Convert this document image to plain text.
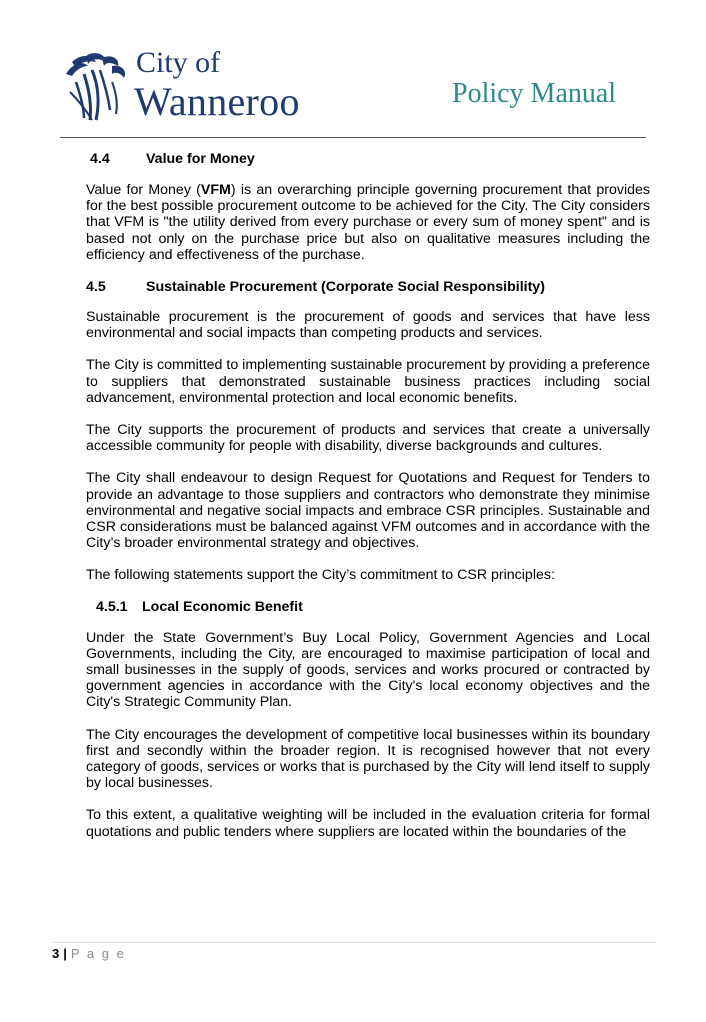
City of
Wanneroo	Policy Manual
4.4	Value for Money

Value for Money (VFM) is an overarching principle governing procurement that provides for the best possible procurement outcome to be achieved for the City. The City considers that VFM is "the utility derived from every purchase or every sum of money spent" and is based not only on the purchase price but also on qualitative measures including the efficiency and effectiveness of the purchase.

4.5	Sustainable Procurement (Corporate Social Responsibility)

Sustainable procurement is the procurement of goods and services that have less environmental and social impacts than competing products and services.

The City is committed to implementing sustainable procurement by providing a preference to suppliers that demonstrated sustainable business practices including social advancement, environmental protection and local economic benefits.

The City supports the procurement of products and services that create a universally accessible community for people with disability, diverse backgrounds and cultures.

The City shall endeavour to design Request for Quotations and Request for Tenders to provide an advantage to those suppliers and contractors who demonstrate they minimise environmental and negative social impacts and embrace CSR principles. Sustainable and CSR considerations must be balanced against VFM outcomes and in accordance with the City’s broader environmental strategy and objectives.

The following statements support the City’s commitment to CSR principles:

4.5.1	Local Economic Benefit

Under the State Government’s Buy Local Policy, Government Agencies and Local Governments, including the City, are encouraged to maximise participation of local and small businesses in the supply of goods, services and works procured or contracted by government agencies in accordance with the City's local economy objectives and the City's Strategic Community Plan.

The City encourages the development of competitive local businesses within its boundary first and secondly within the broader region. It is recognised however that not every category of goods, services or works that is purchased by the City will lend itself to supply by local businesses.

To this extent, a qualitative weighting will be included in the evaluation criteria for formal quotations and public tenders where suppliers are located within the boundaries of the

3 | P a g e
